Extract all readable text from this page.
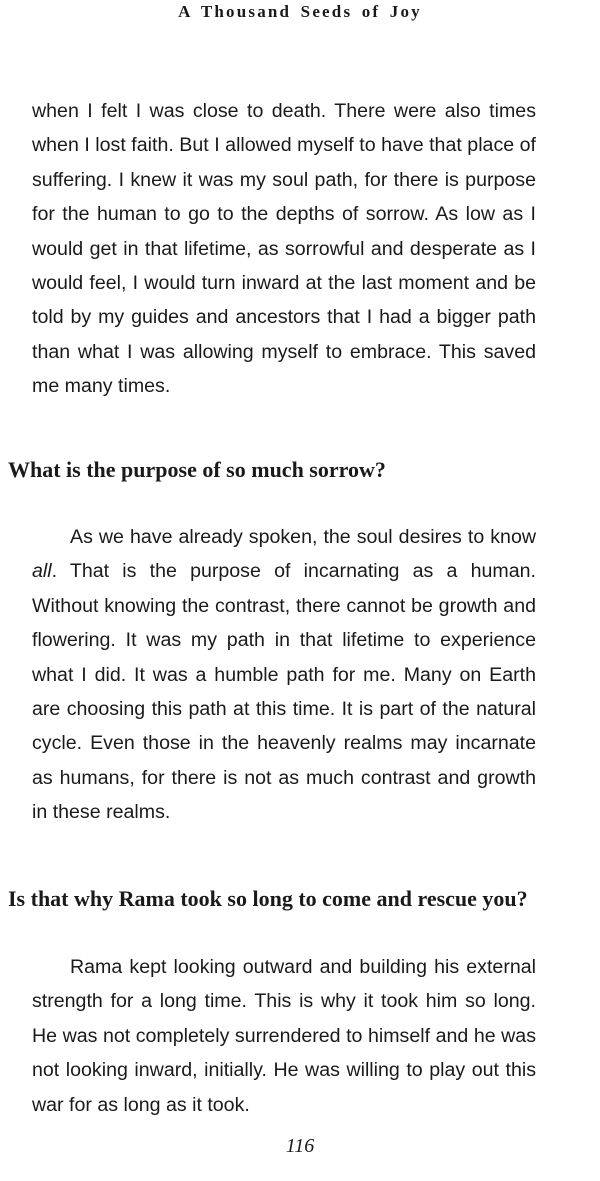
A Thousand Seeds of Joy

when I felt I was close to death. There were also times when I lost faith. But I allowed myself to have that place of suffering. I knew it was my soul path, for there is purpose for the human to go to the depths of sorrow. As low as I would get in that lifetime, as sorrowful and desperate as I would feel, I would turn inward at the last moment and be told by my guides and ancestors that I had a bigger path than what I was allowing myself to embrace. This saved me many times.

What is the purpose of so much sorrow?

As we have already spoken, the soul desires to know all. That is the purpose of incarnating as a human. Without knowing the contrast, there cannot be growth and flowering. It was my path in that lifetime to experience what I did. It was a humble path for me. Many on Earth are choosing this path at this time. It is part of the natural cycle. Even those in the heavenly realms may incarnate as humans, for there is not as much contrast and growth in these realms.

Is that why Rama took so long to come and rescue you?

Rama kept looking outward and building his external strength for a long time. This is why it took him so long. He was not completely surrendered to himself and he was not looking inward, initially. He was willing to play out this war for as long as it took.

116
